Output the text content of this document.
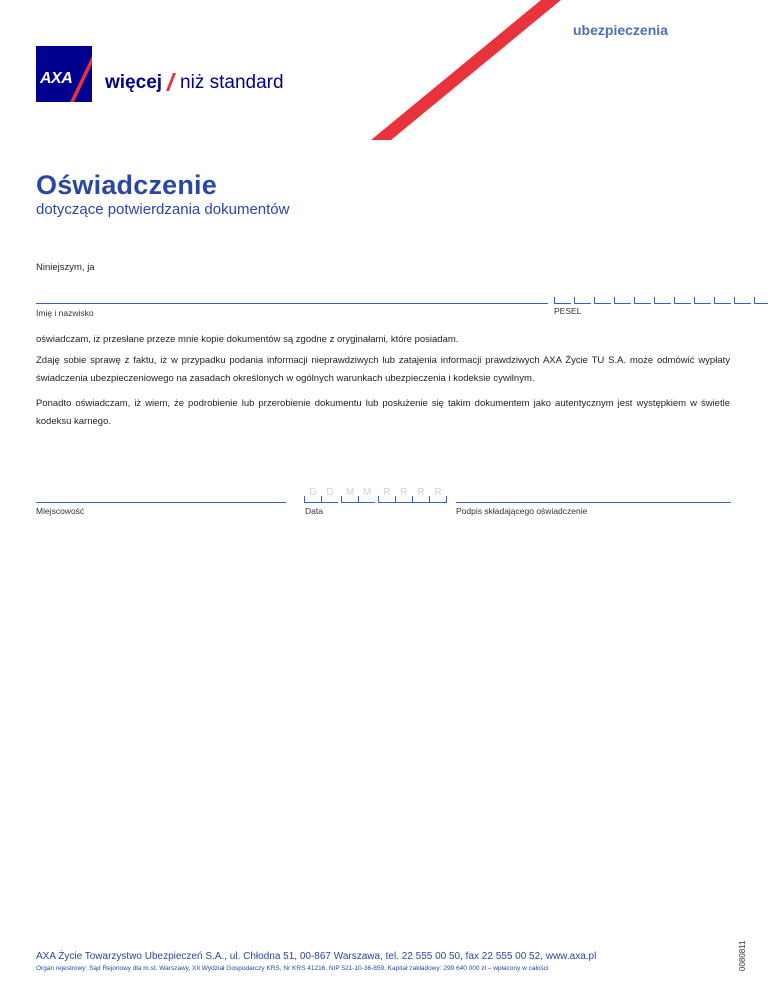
ubezpieczenia
AXA więcej niż standard
Oświadczenie
dotyczące potwierdzania dokumentów
Niniejszym, ja
Imię i nazwisko	PESEL
oświadczam, iż przesłane przeze mnie kopie dokumentów są zgodne z oryginałami, które posiadam.
Zdaję sobie sprawę z faktu, iż w przypadku podania informacji nieprawdziwych lub zatajenia informacji prawdziwych AXA Życie TU S.A. może odmówić wypłaty świadczenia ubezpieczeniowego na zasadach określonych w ogólnych warunkach ubezpieczenia i kodeksie cywilnym.
Ponadto oświadczam, iż wiem, że podrobienie lub przerobienie dokumentu lub posłużenie się takim dokumentem jako autentycznym jest występkiem w świetle kodeksu karnego.
Miejscowość
D D	M M	R R R R
Data	Podpis składającego oświadczenie
AXA Życie Towarzystwo Ubezpieczeń S.A., ul. Chłodna 51, 00-867 Warszawa, tel. 22 555 00 50, fax 22 555 00 52, www.axa.pl
Organ rejestrowy: Sąd Rejonowy dla m.st. Warszawy, XII Wydział Gospodarczy KRS, Nr KRS 41216, NIP 521-10-36-859, Kapitał zakładowy: 299 640 000 zł – wpłacony w całości	0080811
